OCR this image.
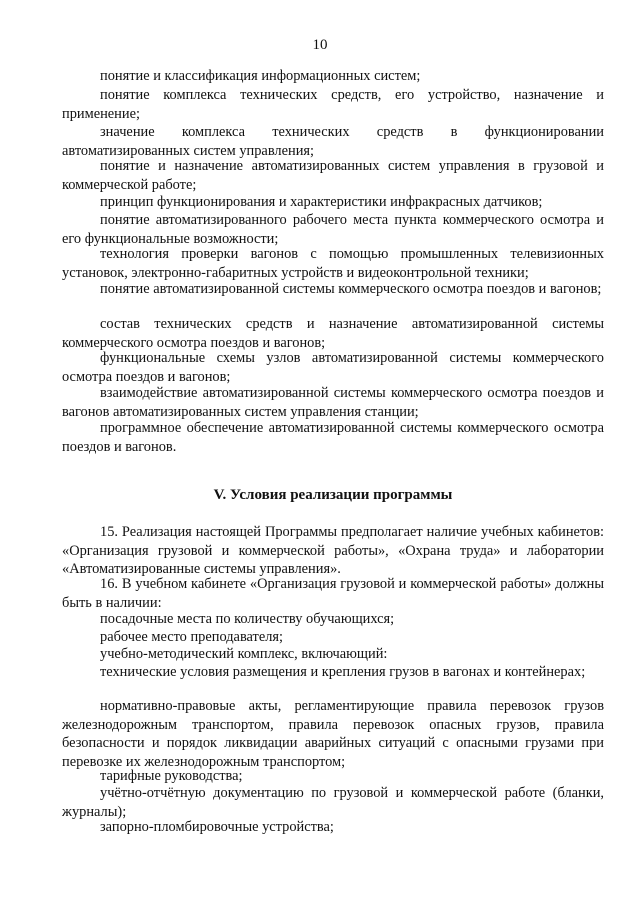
10

понятие и классификация информационных систем;

понятие комплекса технических средств, его устройство, назначение и применение;

значение комплекса технических средств в функционировании автоматизированных систем управления;

понятие и назначение автоматизированных систем управления в грузовой и коммерческой работе;

принцип функционирования и характеристики инфракрасных датчиков;

понятие автоматизированного рабочего места пункта коммерческого осмотра и его функциональные возможности;

технология проверки вагонов с помощью промышленных телевизионных установок, электронно-габаритных устройств и видеоконтрольной техники;

понятие автоматизированной системы коммерческого осмотра поездов и вагонов;

состав технических средств и назначение автоматизированной системы коммерческого осмотра поездов и вагонов;

функциональные схемы узлов автоматизированной системы коммерческого осмотра поездов и вагонов;

взаимодействие автоматизированной системы коммерческого осмотра поездов и вагонов автоматизированных систем управления станции;

программное обеспечение автоматизированной системы коммерческого осмотра поездов и вагонов.

V. Условия реализации программы

15. Реализация настоящей Программы предполагает наличие учебных кабинетов: «Организация грузовой и коммерческой работы», «Охрана труда» и лаборатории «Автоматизированные системы управления».

16. В учебном кабинете «Организация грузовой и коммерческой работы» должны быть в наличии:

посадочные места по количеству обучающихся;

рабочее место преподавателя;

учебно-методический комплекс, включающий:

технические условия размещения и крепления грузов в вагонах и контейнерах;

нормативно-правовые акты, регламентирующие правила перевозок грузов железнодорожным транспортом, правила перевозок опасных грузов, правила безопасности и порядок ликвидации аварийных ситуаций с опасными грузами при перевозке их железнодорожным транспортом;

тарифные руководства;

учётно-отчётную документацию по грузовой и коммерческой работе (бланки, журналы);

запорно-пломбировочные устройства;
